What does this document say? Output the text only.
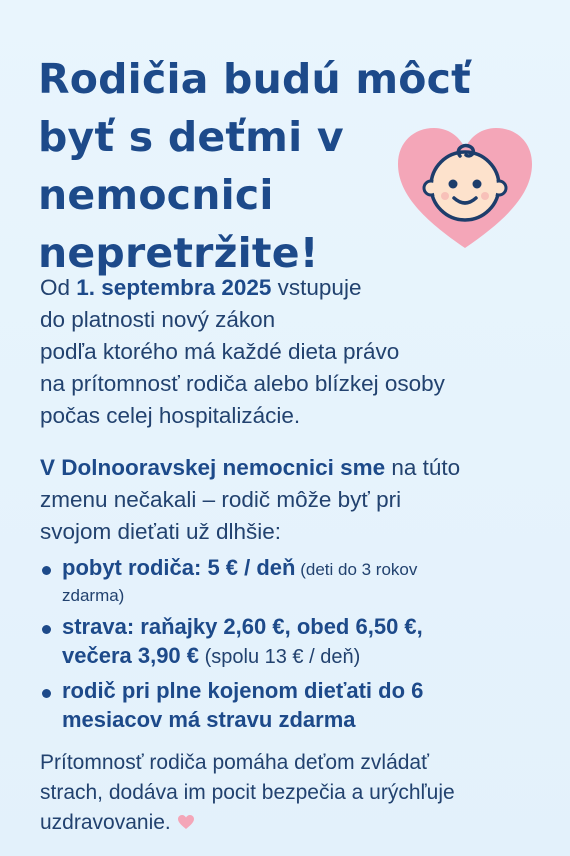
Rodičia budú môcť
byť s deťmi v
nemocnici
nepretržite!

Od 1. septembra 2025 vstupuje
do platnosti nový zákon
podľa ktorého má každé dieta právo
na prítomnosť rodiča alebo blízkej osoby
počas celej hospitalizácie.

V Dolnooravskej nemocnici sme na túto
zmenu nečakali – rodič môže byť pri
svojom dieťati už dlhšie:

pobyt rodiča: 5 € / deň (deti do 3 rokov
zdarma)
strava: raňajky 2,60 €, obed 6,50 €,
večera 3,90 € (spolu 13 € / deň)
rodič pri plne kojenom dieťati do 6
mesiacov má stravu zdarma

Prítomnosť rodiča pomáha deťom zvládať
strach, dodáva im pocit bezpečia a urýchľuje
uzdravovanie.
